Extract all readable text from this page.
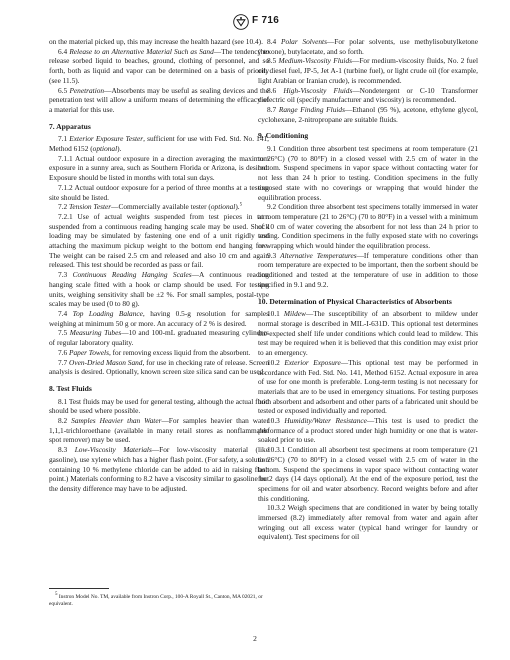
F 716

on the material picked up, this may increase the health hazard (see 10.4).

6.4 Release to an Alternative Material Such as Sand—The tendency to release sorbed liquid to beaches, ground, clothing of personnel, and so forth, both as liquid and vapor can be determined on a basis of priority (see 11.5).

6.5 Penetration—Absorbents may be useful as sealing devices and the penetration test will allow a uniform means of determining the efficacy of a material for this use.

7. Apparatus

7.1 Exterior Exposure Tester, sufficient for use with Fed. Std. No. 141, Method 6152 (optional).

7.1.1 Actual outdoor exposure in a direction averaging the maximum exposure in a sunny area, such as Southern Florida or Arizona, is desired. Exposure should be listed in months with total sun days.

7.1.2 Actual outdoor exposure for a period of three months at a testing site should be listed.

7.2 Tension Tester—Commercially available tester (optional).$^5$

7.2.1 Use of actual weights suspended from test pieces in turn suspended from a continuous reading hanging scale may be used. Shock loading may be simulated by fastening one end of a unit rigidly and attaching the maximum pickup weight to the bottom end hanging free. The weight can be raised 2.5 cm and released and also 10 cm and again released. This test should be recorded as pass or fail.

7.3 Continuous Reading Hanging Scales—A continuous reading hanging scale fitted with a hook or clamp should be used. For testing units, weighing sensitivity shall be ±2 %. For small samples, postal-type scales may be used (0 to 80 g).

7.4 Top Loading Balance, having 0.5-g resolution for samples weighing at minimum 50 g or more. An accuracy of 2 % is desired.

7.5 Measuring Tubes—10 and 100-mL graduated measuring cylinders of regular laboratory quality.

7.6 Paper Towels, for removing excess liquid from the absorbent.

7.7 Oven-Dried Mason Sand, for use in checking rate of release. Screen analysis is desired. Optionally, known screen size silica sand can be used.

8. Test Fluids

8.1 Test fluids may be used for general testing, although the actual fluid should be used where possible.

8.2 Samples Heavier than Water—For samples heavier than water 1,1,1-trichloroethane (available in many retail stores as nonflammable spot remover) may be used.

8.3 Low-Viscosity Materials—For low-viscosity material (like gasoline), use xylene which has a higher flash point. (For safety, a solution containing 10 % methylene chloride can be added to aid in raising flash point.) Materials conforming to 8.2 have a viscosity similar to gasoline but the density difference may have to be adjusted.

5 Instron Model No. TM, available from Instron Corp., 100-A Royall St., Canton, MA 02021, or equivalent.

8.4 Polar Solvents—For polar solvents, use methylisobutylketone (hexone), butylacetate, and so forth.

8.5 Medium-Viscosity Fluids—For medium-viscosity fluids, No. 2 fuel oil, diesel fuel, JP-5, Jet A-1 (turbine fuel), or light crude oil (for example, light Arabian or Iranian crude), is recommended.

8.6 High-Viscosity Fluids—Nondetergent or C-10 Transformer dielectric oil (specify manufacturer and viscosity) is recommended.

8.7 Range Finding Fluids—Ethanol (95 %), acetone, ethylene glycol, cyclohexane, 2-nitropropane are suitable fluids.

9. Conditioning

9.1 Condition three absorbent test specimens at room temperature (21 to 26°C) (70 to 80°F) in a closed vessel with 2.5 cm of water in the bottom. Suspend specimens in vapor space without contacting water for not less than 24 h prior to testing. Condition specimens in the fully exposed state with no coverings or wrapping that would hinder the equilibration process.

9.2 Condition three absorbent test specimens totally immersed in water at room temperature (21 to 26°C) (70 to 80°F) in a vessel with a minimum of 10 cm of water covering the absorbent for not less than 24 h prior to testing. Condition specimens in the fully exposed state with no coverings or wrapping which would hinder the equilibration process.

9.3 Alternative Temperatures—If temperature conditions other than room temperature are expected to be important, then the sorbent should be conditioned and tested at the temperature of use in addition to those specified in 9.1 and 9.2.

10. Determination of Physical Characteristics of Absorbents

10.1 Mildew—The susceptibility of an absorbent to mildew under normal storage is described in MIL-I-631D. This optional test determines the expected shelf life under conditions which could lead to mildew. This test may be required when it is believed that this condition may exist prior to an emergency.

10.2 Exterior Exposure—This optional test may be performed in accordance with Fed. Std. No. 141, Method 6152. Actual exposure in area of use for one month is preferable. Long-term testing is not necessary for materials that are to be used in emergency situations. For testing purposes both absorbent and adsorbent and other parts of a fabricated unit should be tested or exposed individually and reported.

10.3 Humidity/Water Resistance—This test is used to predict the performance of a product stored under high humidity or one that is water-soaked prior to use.

10.3.1 Condition all absorbent test specimens at room temperature (21 to 26°C) (70 to 80°F) in a closed vessel with 2.5 cm of water in the bottom. Suspend the specimens in vapor space without contacting water for 2 days (14 days optional). At the end of the exposure period, test the specimens for oil and water absorbency. Record weights before and after this conditioning.

10.3.2 Weigh specimens that are conditioned in water by being totally immersed (8.2) immediately after removal from water and again after wringing out all excess water (typical hand wringer for laundry or equivalent). Test specimens for oil

2
